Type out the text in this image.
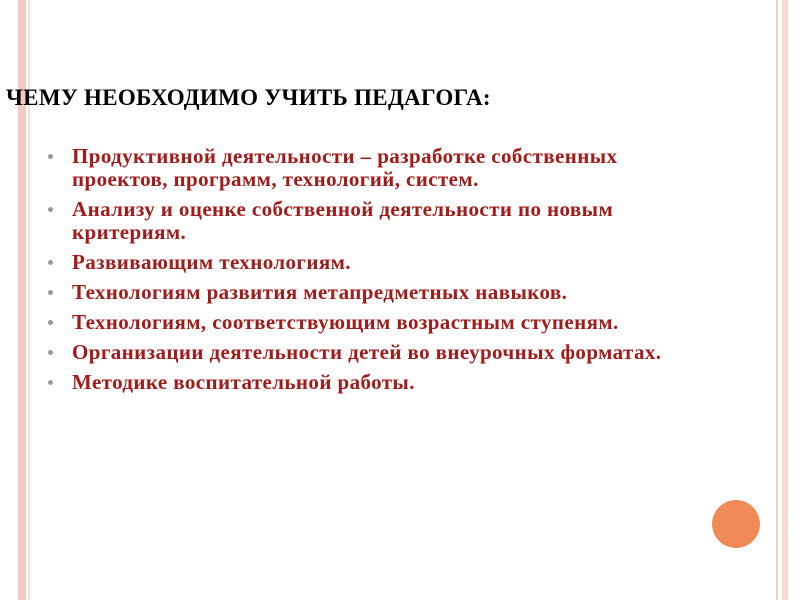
ЧЕМУ НЕОБХОДИМО УЧИТЬ ПЕДАГОГА:
Продуктивной деятельности – разработке собственных проектов, программ, технологий, систем.
Анализу и оценке собственной деятельности по новым критериям.
Развивающим технологиям.
Технологиям развития метапредметных навыков.
Технологиям, соответствующим возрастным ступеням.
Организации деятельности детей во внеурочных форматах.
Методике воспитательной работы.
